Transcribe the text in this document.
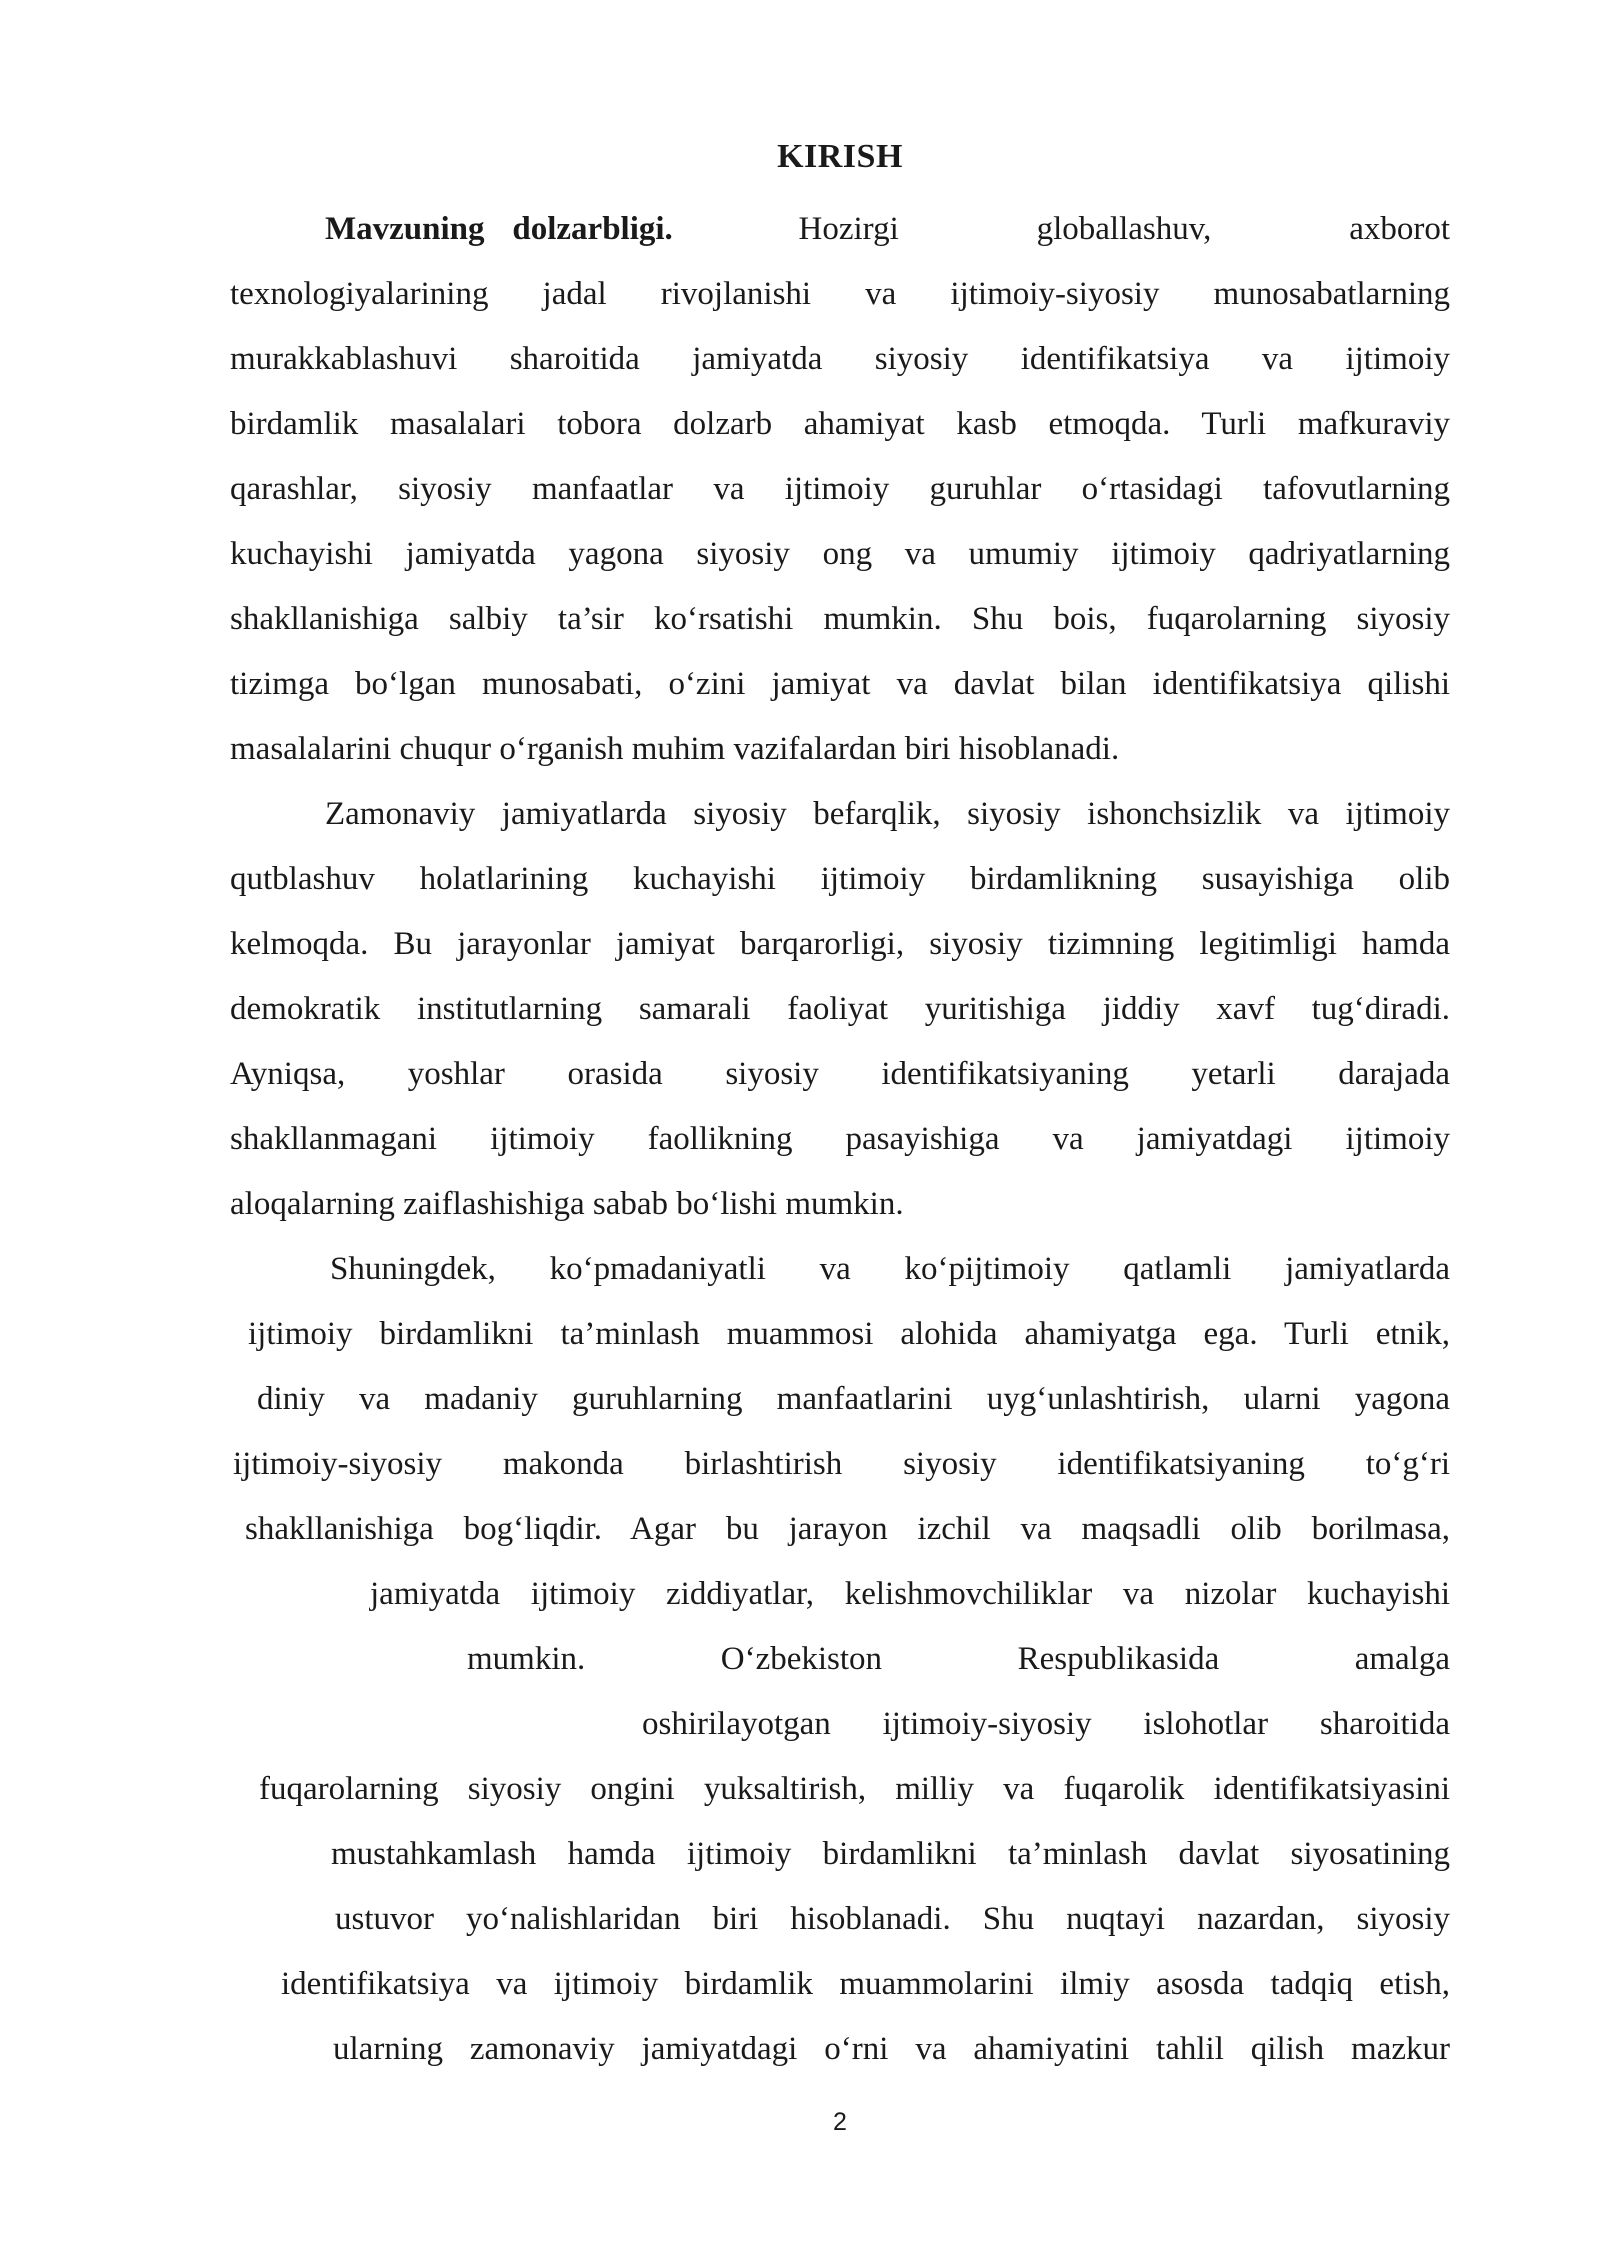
KIRISH
Mavzuning dolzarbligi.	Hozirgi globallashuv, axborot
texnologiyalarining jadal rivojlanishi va ijtimoiy-siyosiy munosabatlarning
murakkablashuvi sharoitida jamiyatda siyosiy identifikatsiya va ijtimoiy
birdamlik masalalari tobora dolzarb ahamiyat kasb etmoqda. Turli mafkuraviy
qarashlar, siyosiy manfaatlar va ijtimoiy guruhlar o‘rtasidagi tafovutlarning
kuchayishi jamiyatda yagona siyosiy ong va umumiy ijtimoiy qadriyatlarning
shakllanishiga salbiy ta’sir ko‘rsatishi mumkin. Shu bois, fuqarolarning siyosiy
tizimga bo‘lgan munosabati, o‘zini jamiyat va davlat bilan identifikatsiya qilishi
masalalarini chuqur o‘rganish muhim vazifalardan biri hisoblanadi.
Zamonaviy jamiyatlarda siyosiy befarqlik, siyosiy ishonchsizlik va ijtimoiy
qutblashuv holatlarining kuchayishi ijtimoiy birdamlikning susayishiga olib
kelmoqda. Bu jarayonlar jamiyat barqarorligi, siyosiy tizimning legitimligi hamda
demokratik institutlarning samarali faoliyat yuritishiga jiddiy xavf tug‘diradi.
Ayniqsa, yoshlar orasida siyosiy identifikatsiyaning yetarli darajada
shakllanmagani ijtimoiy faollikning pasayishiga va jamiyatdagi ijtimoiy
aloqalarning zaiflashishiga sabab bo‘lishi mumkin.
Shuningdek, ko‘pmadaniyatli va ko‘pijtimoiy qatlamli jamiyatlarda
ijtimoiy birdamlikni ta’minlash muammosi alohida ahamiyatga ega. Turli etnik,
diniy va madaniy guruhlarning manfaatlarini uyg‘unlashtirish, ularni yagona
ijtimoiy-siyosiy makonda birlashtirish siyosiy identifikatsiyaning to‘g‘ri
shakllanishiga bog‘liqdir. Agar bu jarayon izchil va maqsadli olib borilmasa,
jamiyatda ijtimoiy ziddiyatlar, kelishmovchiliklar va nizolar kuchayishi
mumkin. O‘zbekiston Respublikasida amalga
oshirilayotgan ijtimoiy-siyosiy islohotlar sharoitida
fuqarolarning siyosiy ongini yuksaltirish, milliy va fuqarolik identifikatsiyasini
mustahkamlash hamda ijtimoiy birdamlikni ta’minlash davlat siyosatining
ustuvor yo‘nalishlaridan biri hisoblanadi. Shu nuqtayi nazardan, siyosiy
identifikatsiya va ijtimoiy birdamlik muammolarini ilmiy asosda tadqiq etish,
ularning zamonaviy jamiyatdagi o‘rni va ahamiyatini tahlil qilish mazkur
2
